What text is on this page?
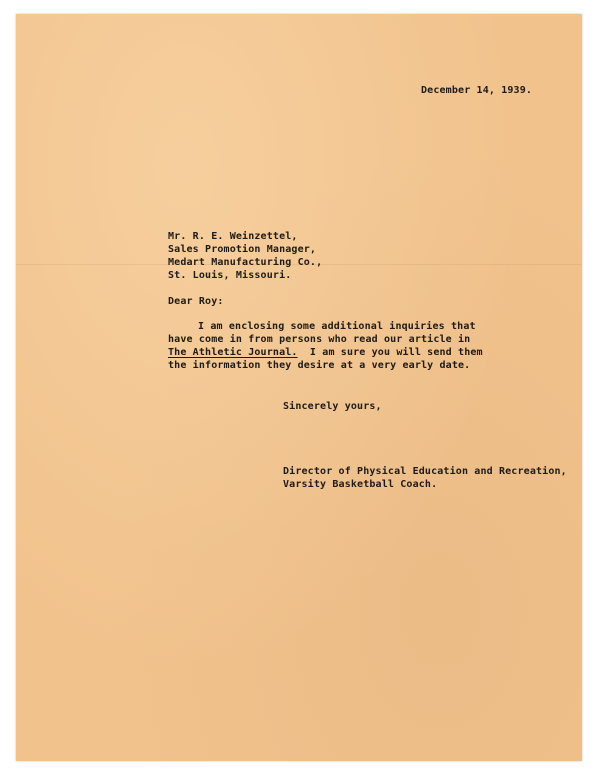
December 14, 1939.
Mr. R. E. Weinzettel,
Sales Promotion Manager,
Medart Manufacturing Co.,
St. Louis, Missouri.
Dear Roy:
I am enclosing some additional inquiries that
have come in from persons who read our article in
The Athletic Journal.  I am sure you will send them
the information they desire at a very early date.
Sincerely yours,
Director of Physical Education and Recreation,
Varsity Basketball Coach.
